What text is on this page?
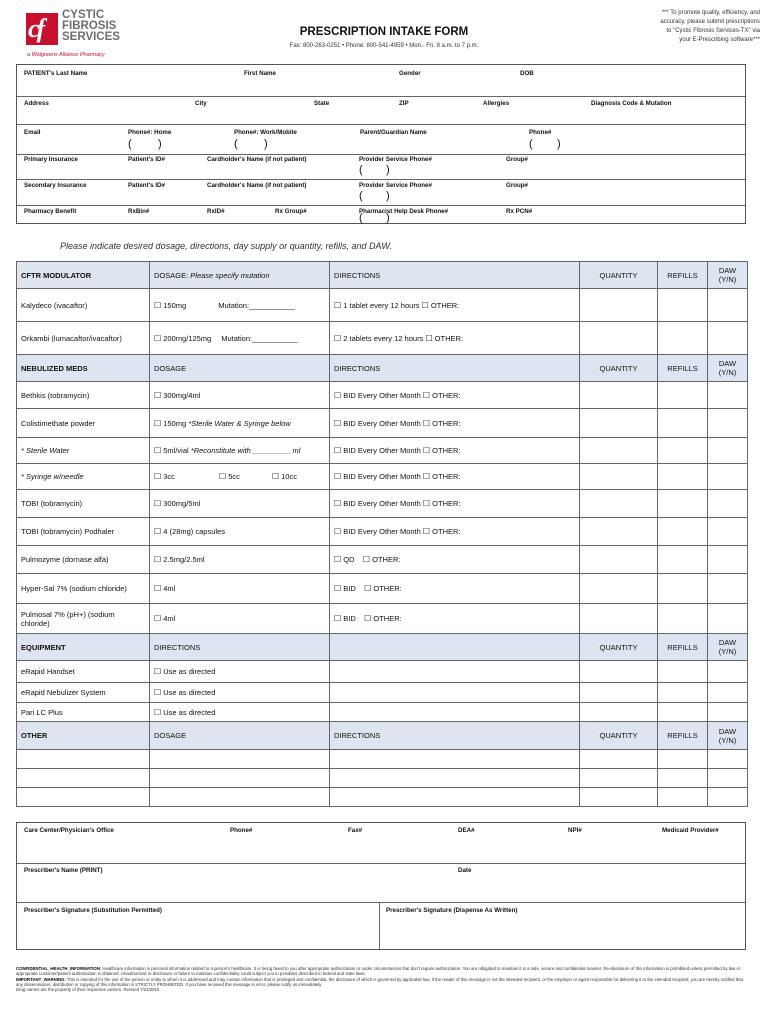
cf CYSTIC
FIBROSIS
SERVICES
a Walgreens Alliance Pharmacy
PRESCRIPTION INTAKE FORM
Fax: 800-263-0251 • Phone: 800-541-4959 • Mon.- Fri. 8 a.m. to 7 p.m.
*** To promote quality, efficiency, and
accuracy, please submit prescriptions
to "Cystic Fibrosis Services-TX" via
your E-Prescribing software***
PATIENT's Last Name	First Name	Gender	DOB
Address	City	State	ZIP	Allergies	Diagnosis Code & Mutation
Email	Phone#: Home	Phone#: Work/Mobile	Parent/Guardian Name	Phone#
( )	( )	( )
Primary Insurance	Patient's ID#	Cardholder's Name (if not patient)	Provider Service Phone#	Group#
( )
Secondary Insurance	Patient's ID#	Cardholder's Name (if not patient)	Provider Service Phone#	Group#
( )
Pharmacy Benefit	RxBin#	RxID#	Rx Group#	Pharmacist Help Desk Phone#	Rx PCN#
( )
Please indicate desired dosage, directions, day supply or quantity, refills, and DAW.
CFTR MODULATOR	DOSAGE: Please specify mutation	DIRECTIONS	QUANTITY	REFILLS	DAW (Y/N)
Kalydeco (ivacaftor)	☐ 150mg Mutation:___________	☐ 1 tablet every 12 hours ☐ OTHER:			
Orkambi (lumacaftor/ivacaftor)	☐ 200mg/125mg Mutation:___________	☐ 2 tablets every 12 hours ☐ OTHER:			
NEBULIZED MEDS	DOSAGE	DIRECTIONS	QUANTITY	REFILLS	DAW (Y/N)
Bethkis (tobramycin)	☐ 300mg/4ml	☐ BID Every Other Month ☐ OTHER:			
Colistimethate powder	☐ 150mg *Sterile Water & Syringe below	☐ BID Every Other Month ☐ OTHER:			
* Sterile Water	☐ 5ml/vial *Reconstitute with _________ ml	☐ BID Every Other Month ☐ OTHER:			
* Syringe w/needle	☐ 3cc ☐ 5cc ☐ 10cc	☐ BID Every Other Month ☐ OTHER:			
TOBI (tobramycin)	☐ 300mg/5ml	☐ BID Every Other Month ☐ OTHER:			
TOBI (tobramycin) Podhaler	☐ 4 (28mg) capsules	☐ BID Every Other Month ☐ OTHER:			
Pulmozyme (dornase alfa)	☐ 2.5mg/2.5ml	☐ QD ☐ OTHER:			
Hyper-Sal 7% (sodium chloride)	☐ 4ml	☐ BID ☐ OTHER:			
Pulmosal 7% (pH+) (sodium chloride)	☐ 4ml	☐ BID ☐ OTHER:			
EQUIPMENT	DIRECTIONS		QUANTITY	REFILLS	DAW (Y/N)
eRapid Handset	☐ Use as directed				
eRapid Nebulizer System	☐ Use as directed				
Pari LC Plus	☐ Use as directed				
OTHER	DOSAGE	DIRECTIONS	QUANTITY	REFILLS	DAW (Y/N)

Care Center/Physician's Office	Phone#	Fax#	DEA#	NPI#	Medicaid Provider#
Prescriber's Name (PRINT)	Date
Prescriber's Signature (Substitution Permitted)	Prescriber's Signature (Dispense As Written)
CONFIDENTIAL_HEALTH_INFORMATION: Healthcare information is personal information related to a person's healthcare. It is being faxed to you after appropriate authorization or under circumstances that don't require authorization. You are obligated to maintain it in a safe, secure and confidential manner. Re-disclosure of this information is prohibited unless permitted by law or appropriate customer/patient authorization is obtained. Unauthorized re-disclosure or failure to maintain confidentiality could subject you to penalties described in federal and state laws.
IMPORTANT_WARNING: This is intended for the use of the person or entity to whom it is addressed and may contain information that is privileged and confidential, the disclosure of which is governed by applicable law. If the reader of this message is not the intended recipient, or the employer or agent responsible for delivering it to the intended recipient, you are hereby notified that any dissemination, distribution or copying of this information is STRICTLY PROHIBITED. If you have received this message in error, please notify us immediately.
Drug names are the property of their respective owners. Revised 7/22/2015
